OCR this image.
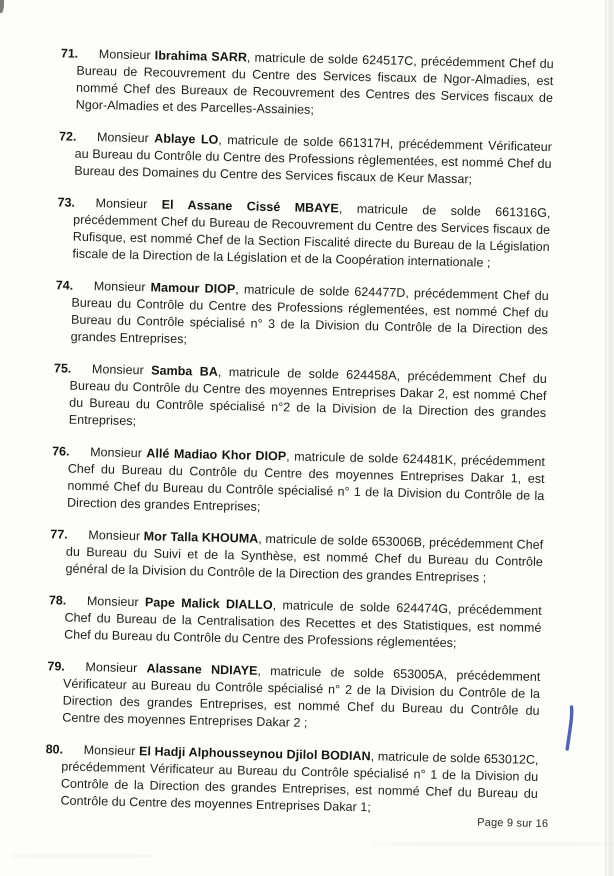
71.	Monsieur Ibrahima SARR, matricule de solde 624517C, précédemment Chef du Bureau de Recouvrement du Centre des Services fiscaux de Ngor-Almadies, est nommé Chef des Bureaux de Recouvrement des Centres des Services fiscaux de Ngor-Almadies et des Parcelles-Assainies;

72.	Monsieur Ablaye LO, matricule de solde 661317H, précédemment Vérificateur au Bureau du Contrôle du Centre des Professions règlementées, est nommé Chef du Bureau des Domaines du Centre des Services fiscaux de Keur Massar;

73.	Monsieur El Assane Cissé MBAYE, matricule de solde 661316G, précédemment Chef du Bureau de Recouvrement du Centre des Services fiscaux de Rufisque, est nommé Chef de la Section Fiscalité directe du Bureau de la Législation fiscale de la Direction de la Législation et de la Coopération internationale ;

74.	Monsieur Mamour DIOP, matricule de solde 624477D, précédemment Chef du Bureau du Contrôle du Centre des Professions réglementées, est nommé Chef du Bureau du Contrôle spécialisé n° 3 de la Division du Contrôle de la Direction des grandes Entreprises;

75.	Monsieur Samba BA, matricule de solde 624458A, précédemment Chef du Bureau du Contrôle du Centre des moyennes Entreprises Dakar 2, est nommé Chef du Bureau du Contrôle spécialisé n°2 de la Division de la Direction des grandes Entreprises;

76.	Monsieur Allé Madiao Khor DIOP, matricule de solde 624481K, précédemment Chef du Bureau du Contrôle du Centre des moyennes Entreprises Dakar 1, est nommé Chef du Bureau du Contrôle spécialisé n° 1 de la Division du Contrôle de la Direction des grandes Entreprises;

77.	Monsieur Mor Talla KHOUMA, matricule de solde 653006B, précédemment Chef du Bureau du Suivi et de la Synthèse, est nommé Chef du Bureau du Contrôle général de la Division du Contrôle de la Direction des grandes Entreprises ;

78.	Monsieur Pape Malick DIALLO, matricule de solde 624474G, précédemment Chef du Bureau de la Centralisation des Recettes et des Statistiques, est nommé Chef du Bureau du Contrôle du Centre des Professions réglementées;

79.	Monsieur Alassane NDIAYE, matricule de solde 653005A, précédemment Vérificateur au Bureau du Contrôle spécialisé n° 2 de la Division du Contrôle de la Direction des grandes Entreprises, est nommé Chef du Bureau du Contrôle du Centre des moyennes Entreprises Dakar 2 ;

80.	Monsieur El Hadji Alphousseynou Djilol BODIAN, matricule de solde 653012C, précédemment Vérificateur au Bureau du Contrôle spécialisé n° 1 de la Division du Contrôle de la Direction des grandes Entreprises, est nommé Chef du Bureau du Contrôle du Centre des moyennes Entreprises Dakar 1;

Page 9 sur 16
